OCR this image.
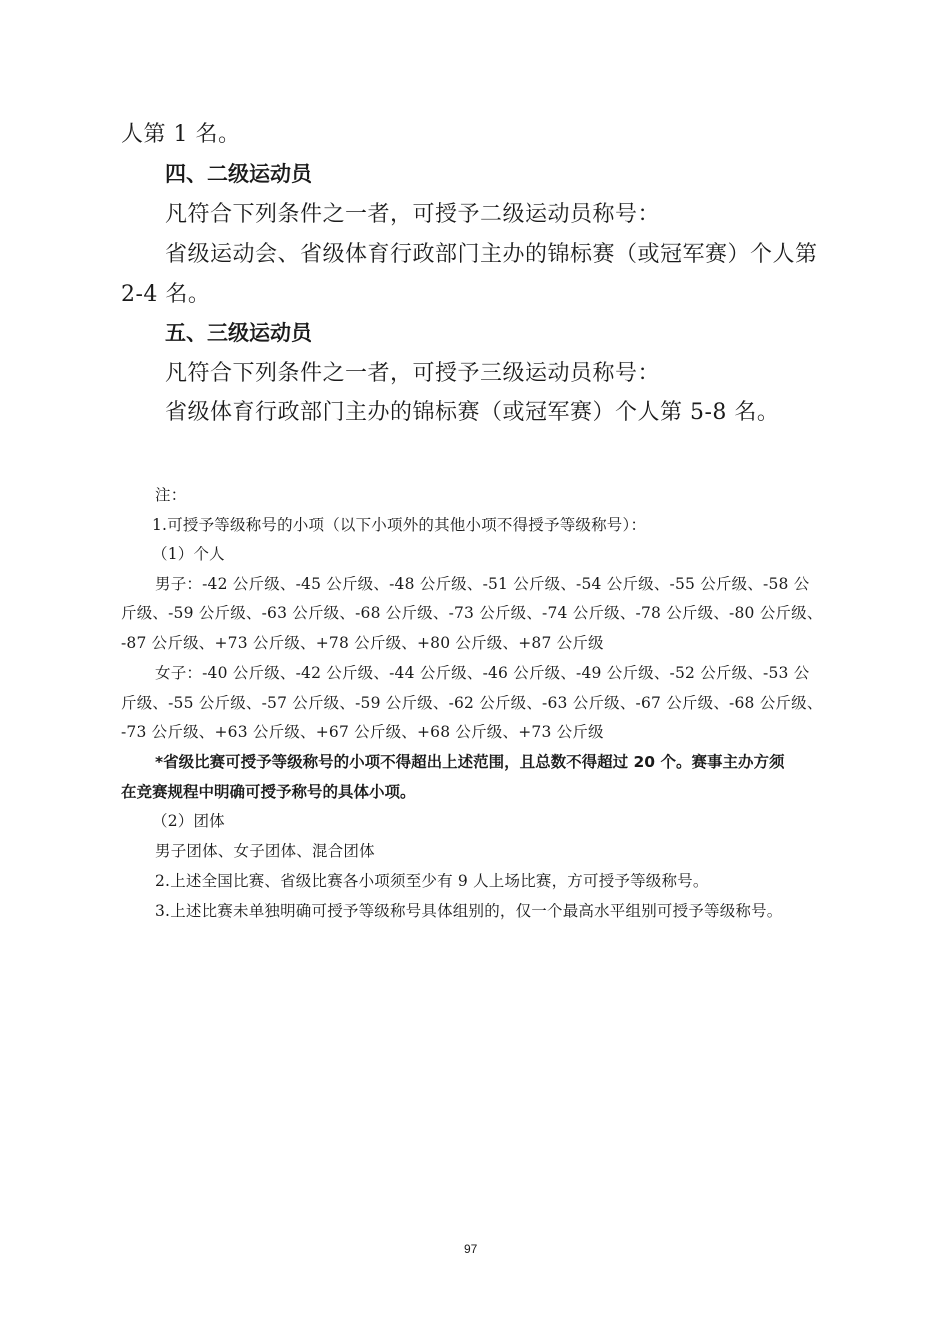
人第 1 名。
四、二级运动员
凡符合下列条件之一者，可授予二级运动员称号：
省级运动会、省级体育行政部门主办的锦标赛（或冠军赛）个人第
2-4 名。
五、三级运动员
凡符合下列条件之一者，可授予三级运动员称号：
省级体育行政部门主办的锦标赛（或冠军赛）个人第 5-8 名。
注：
1.可授予等级称号的小项（以下小项外的其他小项不得授予等级称号）：
（1）个人
男子：-42 公斤级、-45 公斤级、-48 公斤级、-51 公斤级、-54 公斤级、-55 公斤级、-58 公
斤级、-59 公斤级、-63 公斤级、-68 公斤级、-73 公斤级、-74 公斤级、-78 公斤级、-80 公斤级、
-87 公斤级、+73 公斤级、+78 公斤级、+80 公斤级、+87 公斤级
女子：-40 公斤级、-42 公斤级、-44 公斤级、-46 公斤级、-49 公斤级、-52 公斤级、-53 公
斤级、-55 公斤级、-57 公斤级、-59 公斤级、-62 公斤级、-63 公斤级、-67 公斤级、-68 公斤级、
-73 公斤级、+63 公斤级、+67 公斤级、+68 公斤级、+73 公斤级
*省级比赛可授予等级称号的小项不得超出上述范围，且总数不得超过 20 个。赛事主办方须
在竞赛规程中明确可授予称号的具体小项。
（2）团体
男子团体、女子团体、混合团体
2.上述全国比赛、省级比赛各小项须至少有 9 人上场比赛，方可授予等级称号。
3.上述比赛未单独明确可授予等级称号具体组别的，仅一个最高水平组别可授予等级称号。
97
